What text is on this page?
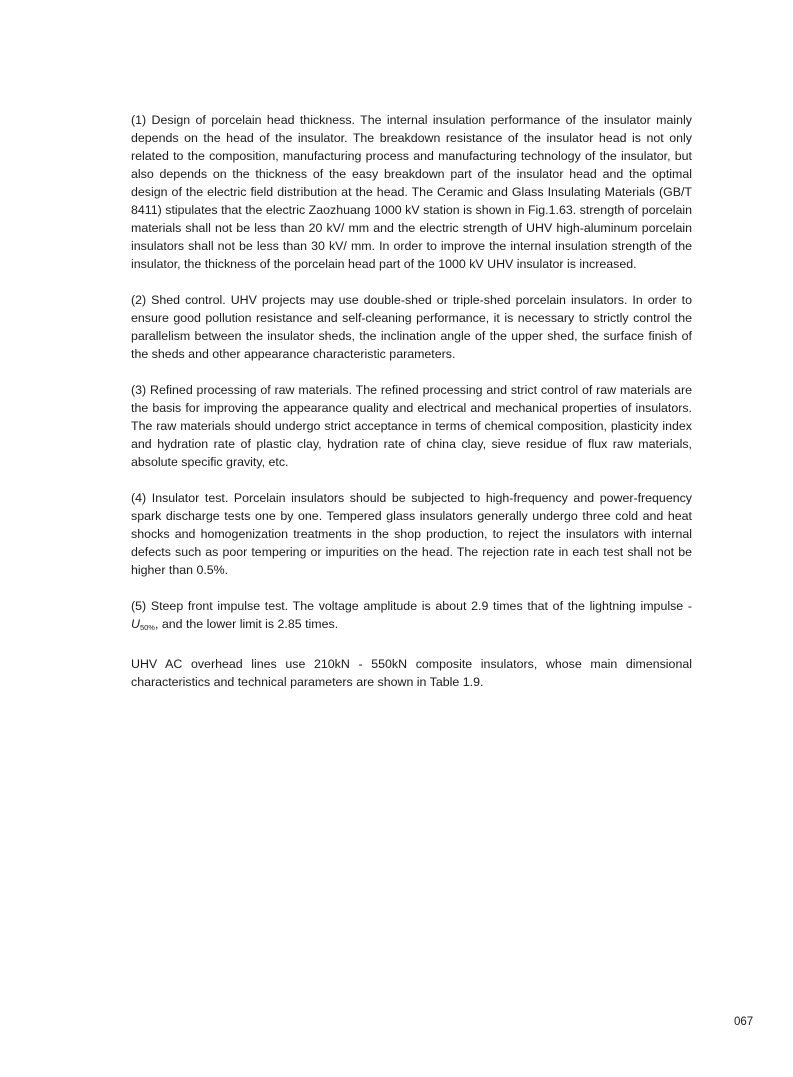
(1) Design of porcelain head thickness. The internal insulation performance of the insulator mainly depends on the head of the insulator. The breakdown resistance of the insulator head is not only related to the composition, manufacturing process and manufacturing technology of the insulator, but also depends on the thickness of the easy breakdown part of the insulator head and the optimal design of the electric field distribution at the head. The Ceramic and Glass Insulating Materials (GB/T 8411) stipulates that the electric Zaozhuang 1000 kV station is shown in Fig.1.63. strength of porcelain materials shall not be less than 20 kV/ mm and the electric strength of UHV high-aluminum porcelain insulators shall not be less than 30 kV/ mm. In order to improve the internal insulation strength of the insulator, the thickness of the porcelain head part of the 1000 kV UHV insulator is increased.

(2) Shed control. UHV projects may use double-shed or triple-shed porcelain insulators. In order to ensure good pollution resistance and self-cleaning performance, it is necessary to strictly control the parallelism between the insulator sheds, the inclination angle of the upper shed, the surface finish of the sheds and other appearance characteristic parameters.

(3) Refined processing of raw materials. The refined processing and strict control of raw materials are the basis for improving the appearance quality and electrical and mechanical properties of insulators. The raw materials should undergo strict acceptance in terms of chemical composition, plasticity index and hydration rate of plastic clay, hydration rate of china clay, sieve residue of flux raw materials, absolute specific gravity, etc.

(4) Insulator test. Porcelain insulators should be subjected to high-frequency and power-frequency spark discharge tests one by one. Tempered glass insulators generally undergo three cold and heat shocks and homogenization treatments in the shop production, to reject the insulators with internal defects such as poor tempering or impurities on the head. The rejection rate in each test shall not be higher than 0.5%.

(5) Steep front impulse test. The voltage amplitude is about 2.9 times that of the lightning impulse $-U_{50\%}$, and the lower limit is 2.85 times.

UHV AC overhead lines use 210kN - 550kN composite insulators, whose main dimensional characteristics and technical parameters are shown in Table 1.9.

067
